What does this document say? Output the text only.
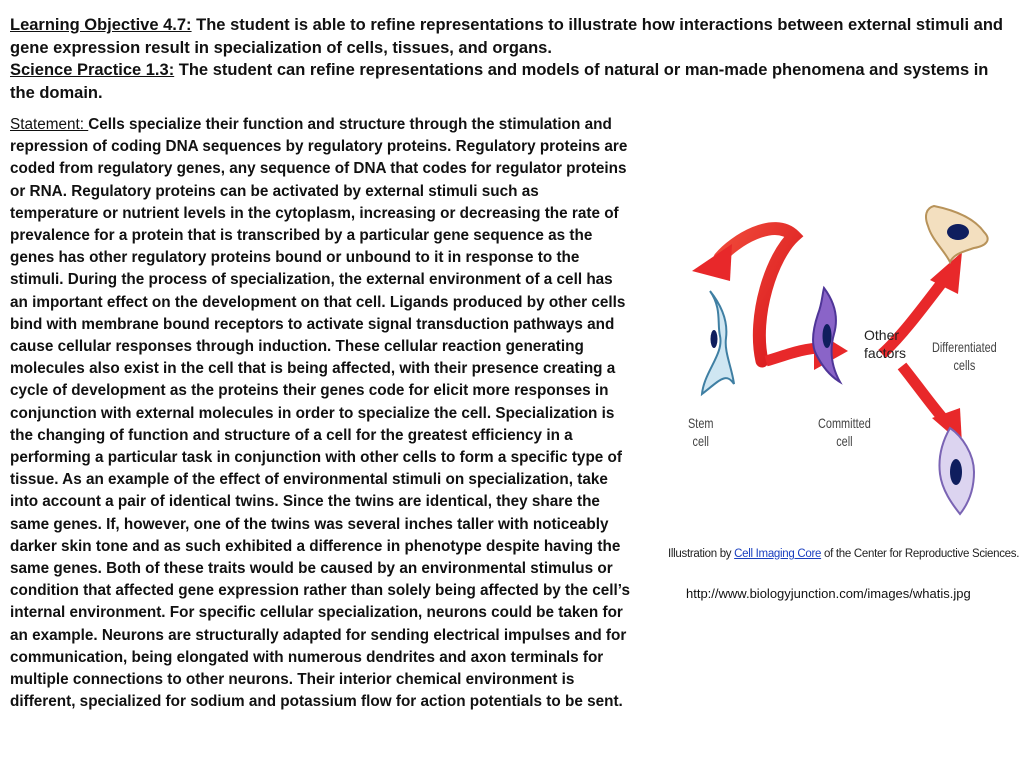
Learning Objective 4.7: The student is able to refine representations to illustrate how interactions between external stimuli and gene expression result in specialization of cells, tissues, and organs.
Science Practice 1.3: The student can refine representations and models of natural or man-made phenomena and systems in the domain.
Statement: Cells specialize their function and structure through the stimulation and repression of coding DNA sequences by regulatory proteins. Regulatory proteins are coded from regulatory genes, any sequence of DNA that codes for regulator proteins or RNA. Regulatory proteins can be activated by external stimuli such as temperature or nutrient levels in the cytoplasm, increasing or decreasing the rate of prevalence for a protein that is transcribed by a particular gene sequence as the genes has other regulatory proteins bound or unbound to it in response to the stimuli. During the process of specialization, the external environment of a cell has an important effect on the development on that cell. Ligands produced by other cells bind with membrane bound receptors to activate signal transduction pathways and cause cellular responses through induction. These cellular reaction generating molecules also exist in the cell that is being affected, with their presence creating a cycle of development as the proteins their genes code for elicit more responses in conjunction with external molecules in order to specialize the cell. Specialization is the changing of function and structure of a cell for the greatest efficiency in a performing a particular task in conjunction with other cells to form a specific type of tissue. As an example of the effect of environmental stimuli on specialization, take into account a pair of identical twins. Since the twins are identical, they share the same genes. If, however, one of the twins was several inches taller with noticeably darker skin tone and as such exhibited a difference in phenotype despite having the same genes. Both of these traits would be caused by an environmental stimulus or condition that affected gene expression rather than solely being affected by the cell’s internal environment. For specific cellular specialization, neurons could be taken for an example. Neurons are structurally adapted for sending electrical impulses and for communication, being elongated with numerous dendrites and axon terminals for multiple connections to other neurons. Their interior chemical environment is different, specialized for sodium and potassium flow for action potentials to be sent.
Stem
cell
Committed
cell
Differentiated
cells
Other
factors
Illustration by Cell Imaging Core of the Center for Reproductive Sciences.
http://www.biologyjunction.com/images/whatis.jpg
